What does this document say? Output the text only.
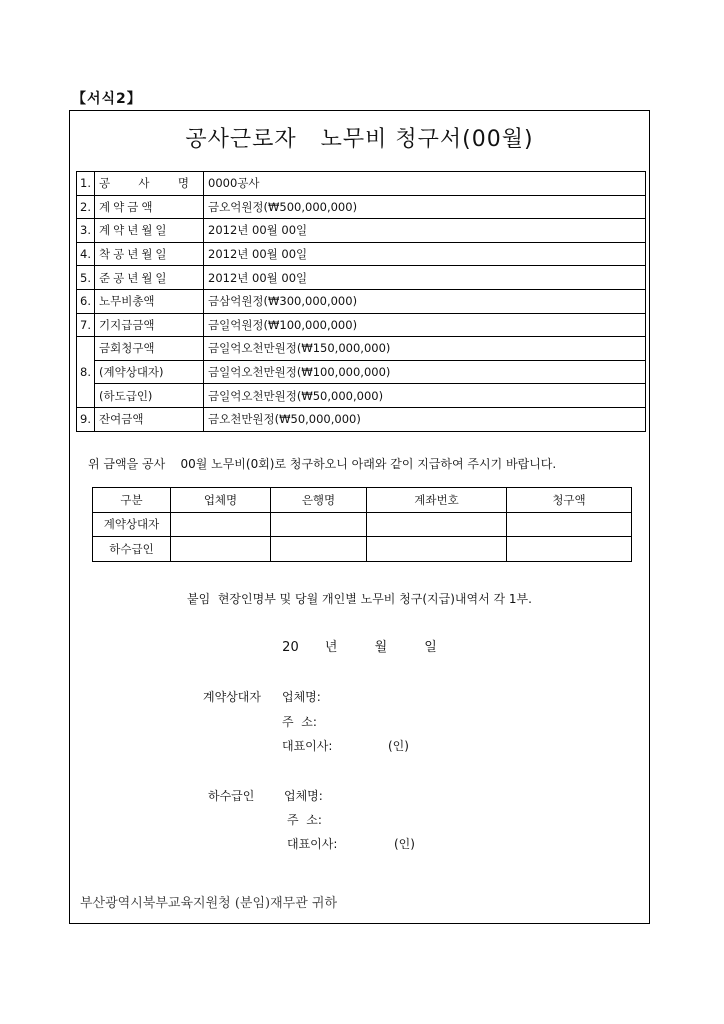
【서식2】
공사근로자   노무비 청구서(00월)
1.	공  사  명	0000공사
2.	계약금액	금오억원정(₩500,000,000)
3.	계약년월일	2012년 00월 00일
4.	착공년월일	2012년 00월 00일
5.	준공년월일	2012년 00월 00일
6.	노무비총액	금삼억원정(₩300,000,000)
7.	기지급금액	금일억원정(₩100,000,000)
8.	금회청구액	금일억오천만원정(₩150,000,000)
	(계약상대자)	금일억오천만원정(₩100,000,000)
	(하도급인)	금일억오천만원정(₩50,000,000)
9.	잔여금액	금오천만원정(₩50,000,000)
위 금액을 공사    00월 노무비(0회)로 청구하오니 아래와 같이 지급하여 주시기 바랍니다.
구분	업체명	은행명	계좌번호	청구액
계약상대자				
하수급인				
붙임  현장인명부 및 당월 개인별 노무비 청구(지급)내역서 각 1부.
20 년	월	일
계약상대자 업체명:
주  소:
대표이사:	(인)
하수급인 업체명:
주  소:
대표이사:	(인)
부산광역시북부교육지원청 (분임)재무관 귀하
